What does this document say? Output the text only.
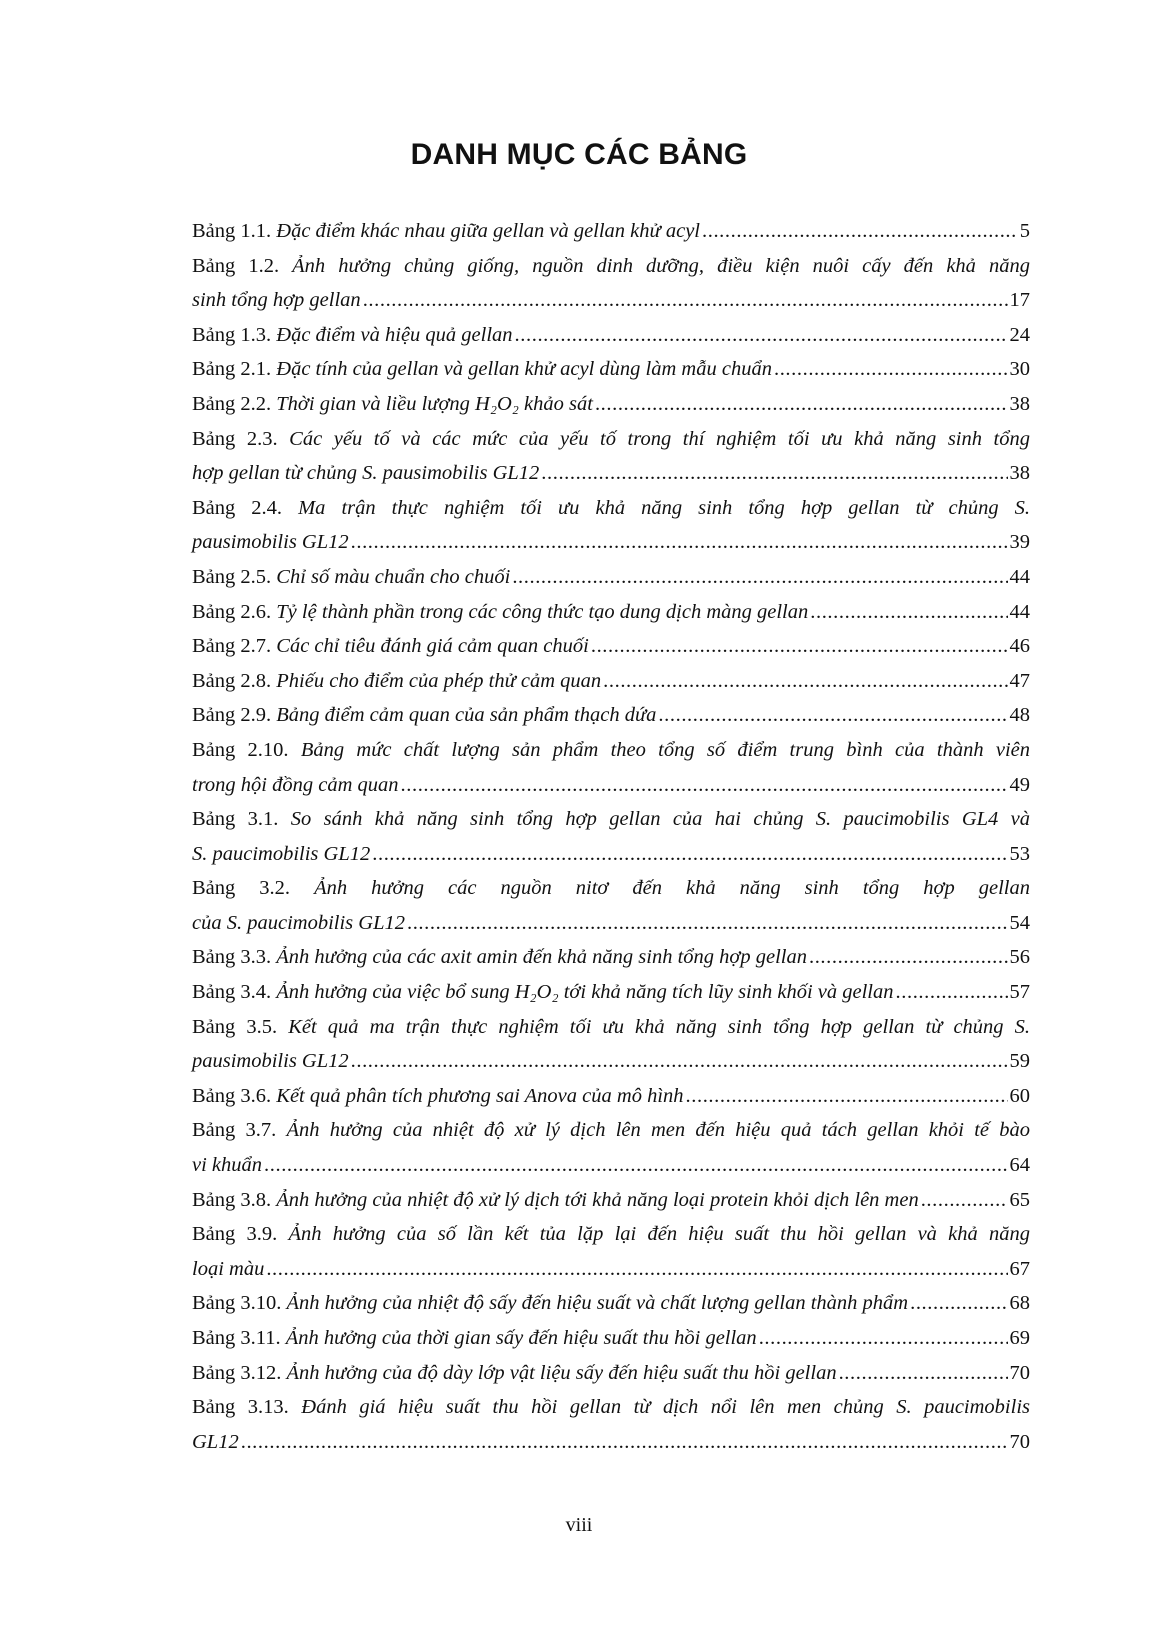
DANH MỤC CÁC BẢNG
Bảng 1.1. Đặc điểm khác nhau giữa gellan và gellan khử acyl .....	5
Bảng 1.2. Ảnh hưởng chủng giống, nguồn dinh dưỡng, điều kiện nuôi cấy đến khả năng
sinh tổng hợp gellan .....	17
Bảng 1.3. Đặc điểm và hiệu quả gellan .....	24
Bảng 2.1. Đặc tính của gellan và gellan khử acyl dùng làm mẫu chuẩn .....	30
Bảng 2.2. Thời gian và liều lượng H₂O₂ khảo sát .....	38
Bảng 2.3. Các yếu tố và các mức của yếu tố trong thí nghiệm tối ưu khả năng sinh tổng
hợp gellan từ chủng S. pausimobilis GL12 .....	38
Bảng 2.4. Ma trận thực nghiệm tối ưu khả năng sinh tổng hợp gellan từ chủng S.
pausimobilis GL12 .....	39
Bảng 2.5. Chỉ số màu chuẩn cho chuối .....	44
Bảng 2.6. Tỷ lệ thành phần trong các công thức tạo dung dịch màng gellan .....	44
Bảng 2.7. Các chỉ tiêu đánh giá cảm quan chuối .....	46
Bảng 2.8. Phiếu cho điểm của phép thử cảm quan .....	47
Bảng 2.9. Bảng điểm cảm quan của sản phẩm thạch dứa .....	48
Bảng 2.10. Bảng mức chất lượng sản phẩm theo tổng số điểm trung bình của thành viên
trong hội đồng cảm quan .....	49
Bảng 3.1. So sánh khả năng sinh tổng hợp gellan của hai chủng S. paucimobilis GL4 và
S. paucimobilis GL12 .....	53
Bảng 3.2. Ảnh hưởng các nguồn nitơ đến khả năng sinh tổng hợp gellan
của S. paucimobilis GL12 .....	54
Bảng 3.3. Ảnh hưởng của các axit amin đến khả năng sinh tổng hợp gellan .....	56
Bảng 3.4. Ảnh hưởng của việc bổ sung H₂O₂ tới khả năng tích lũy sinh khối và gellan .....	57
Bảng 3.5. Kết quả ma trận thực nghiệm tối ưu khả năng sinh tổng hợp gellan từ chủng S.
pausimobilis GL12 .....	59
Bảng 3.6. Kết quả phân tích phương sai Anova của mô hình .....	60
Bảng 3.7. Ảnh hưởng của nhiệt độ xử lý dịch lên men đến hiệu quả tách gellan khỏi tế bào
vi khuẩn .....	64
Bảng 3.8. Ảnh hưởng của nhiệt độ xử lý dịch tới khả năng loại protein khỏi dịch lên men .....	65
Bảng 3.9. Ảnh hưởng của số lần kết tủa lặp lại đến hiệu suất thu hồi gellan và khả năng
loại màu .....	67
Bảng 3.10. Ảnh hưởng của nhiệt độ sấy đến hiệu suất và chất lượng gellan thành phẩm .....	68
Bảng 3.11. Ảnh hưởng của thời gian sấy đến hiệu suất thu hồi gellan .....	69
Bảng 3.12. Ảnh hưởng của độ dày lớp vật liệu sấy đến hiệu suất thu hồi gellan .....	70
Bảng 3.13. Đánh giá hiệu suất thu hồi gellan từ dịch nổi lên men chủng S. paucimobilis
GL12 .....	70
viii
